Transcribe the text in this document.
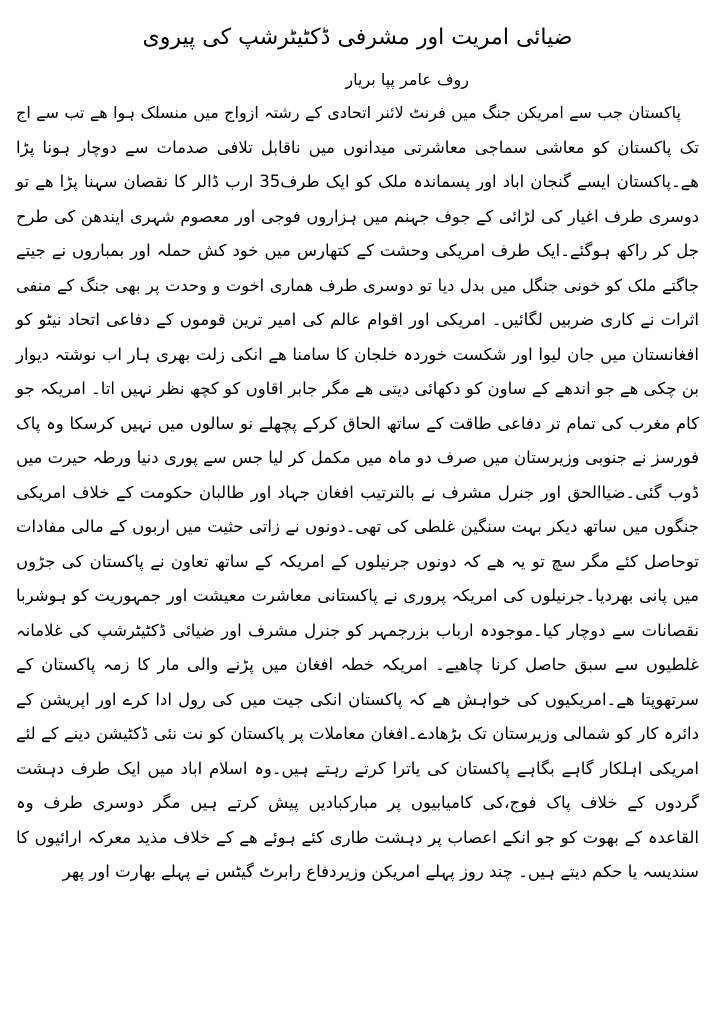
ضیائی امریت اور مشرفی ڈکٹیٹرشپ کی پیروی
روف عامر پپا بریار
پاکستان جب سے امریکن جنگ میں فرنٹ لائنر اتحادی کے رشتہ ازواج میں منسلک ہوا ھے تب سے اج
تک پاکستان کو معاشی سماجی معاشرتی میدانوں میں ناقابل تلافی صدمات سے دوچار ہونا پڑا
ھے۔پاکستان ایسے گنجان اباد اور پسماندہ ملک کو ایک طرف35 ارب ڈالر کا نقصان سہنا پڑا ھے تو
دوسری طرف اغیار کی لڑائی کے جوف جہنم میں ہزاروں فوجی اور معصوم شہری ایندھن کی طرح
جل کر راکھ ہوگئے۔ایک طرف امریکی وحشت کے کتھارس میں خود کش حملہ اور بمباروں نے جیتے
جاگتے ملک کو خونی جنگل میں بدل دیا تو دوسری طرف ھماری اخوت و وحدت پر بھی جنگ کے منفی
اثرات نے کاری ضربیں لگائیں۔ امریکی اور اقوام عالم کی امیر ترین قوموں کے دفاعی اتحاد نیٹو کو
افغانستان میں جان لیوا اور شکست خوردہ خلجان کا سامنا ھے انکی زلت بھری ہار اب نوشتہ دیوار
بن چکی ھے جو اندھے کے ساون کو دکھائی دیتی ھے مگر جابر اقاوں کو کچھ نظر نہیں اتا۔ امریکہ جو
کام مغرب کی تمام تر دفاعی طاقت کے ساتھ الحاق کرکے پچھلے نو سالوں میں نہیں کرسکا وہ پاک
فورسز نے جنوبی وزیرستان میں صرف دو ماہ میں مکمل کر لیا جس سے پوری دنیا ورطہ حیرت میں
ڈوب گئی۔ضیاالحق اور جنرل مشرف نے بالترتیب افغان جہاد اور طالبان حکومت کے خلاف امریکی
جنگوں میں ساتھ دیکر بہت سنگین غلطی کی تھی۔دونوں نے زاتی حثیت میں اربوں کے مالی مفادات
توحاصل کئے مگر سچ تو یہ ھے کہ دونوں جرنیلوں کے امریکہ کے ساتھ تعاون نے پاکستان کی جڑوں
میں پانی بھردیا۔جرنیلوں کی امریکہ پروری نے پاکستانی معاشرت معیشت اور جمہوریت کو ہوشربا
نقصانات سے دوچار کیا۔موجودہ ارباب بزرجمہر کو جنرل مشرف اور ضیائی ڈکٹیٹرشپ کی غلامانہ
غلطیوں سے سبق حاصل کرنا چاھیے۔ امریکہ خطہ افغان میں پڑنے والی مار کا زمہ پاکستان کے
سرتھوپتا ھے۔امریکیوں کی خواہش ھے کہ پاکستان انکی جیت میں کی رول ادا کرے اور اپریشن کے
دائرہ کار کو شمالی وزیرستان تک بڑھادے۔افغان معاملات پر پاکستان کو نت نئی ڈکٹیشن دینے کے لئے
امریکی اہلکار گاہے بگاہے پاکستان کی یاترا کرتے رہتے ہیں۔وہ اسلام اباد میں ایک طرف دہشت
گردوں کے خلاف پاک فوج،کی کامیابیوں پر مبارکبادیں پیش کرتے ہیں مگر دوسری طرف وہ
القاعدہ کے بھوت کو جو انکے اعصاب پر دہشت طاری کئے ہوئے ھے کے خلاف مذید معرکہ ارائیوں کا
سندیسہ یا حکم دیتے ہیں۔ چند روز پہلے امریکن وزیردفاع رابرٹ گیٹس نے پہلے بھارت اور پھر
